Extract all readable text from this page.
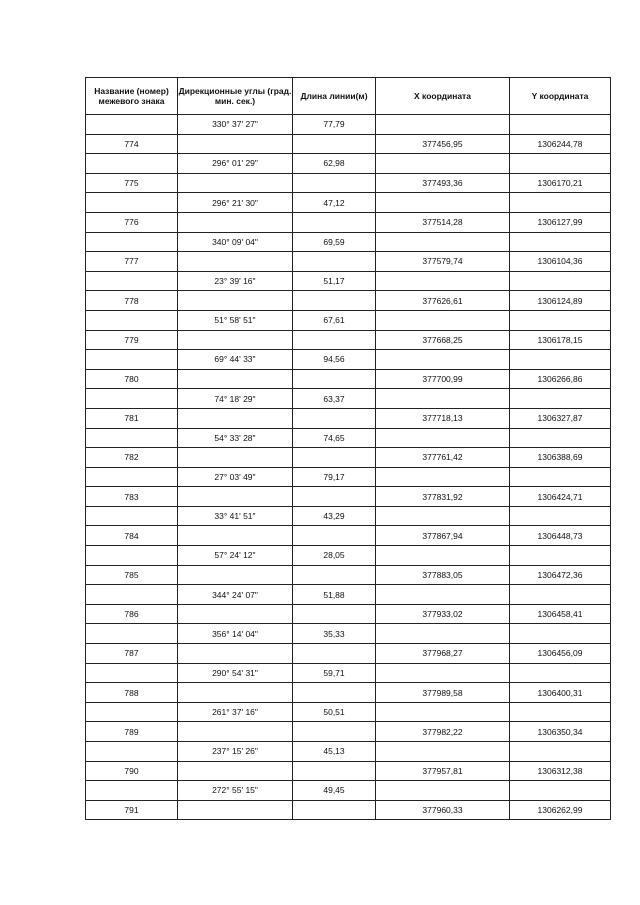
Название (номер) межевого знака	Дирекционные углы (град. мин. сек.)	Длина линии(м)	X координата	Y координата
	330° 37' 27"	77,79		
774			377456,95	1306244,78
	296° 01' 29"	62,98		
775			377493,36	1306170,21
	296° 21' 30"	47,12		
776			377514,28	1306127,99
	340° 09' 04"	69,59		
777			377579,74	1306104,36
	23° 39' 16"	51,17		
778			377626,61	1306124,89
	51° 58' 51"	67,61		
779			377668,25	1306178,15
	69° 44' 33"	94,56		
780			377700,99	1306266,86
	74° 18' 29"	63,37		
781			377718,13	1306327,87
	54° 33' 28"	74,65		
782			377761,42	1306388,69
	27° 03' 49"	79,17		
783			377831,92	1306424,71
	33° 41' 51"	43,29		
784			377867,94	1306448,73
	57° 24' 12"	28,05		
785			377883,05	1306472,36
	344° 24' 07"	51,88		
786			377933,02	1306458,41
	356° 14' 04"	35,33		
787			377968,27	1306456,09
	290° 54' 31"	59,71		
788			377989,58	1306400,31
	261° 37' 16"	50,51		
789			377982,22	1306350,34
	237° 15' 26"	45,13		
790			377957,81	1306312,38
	272° 55' 15"	49,45		
791			377960,33	1306262,99
